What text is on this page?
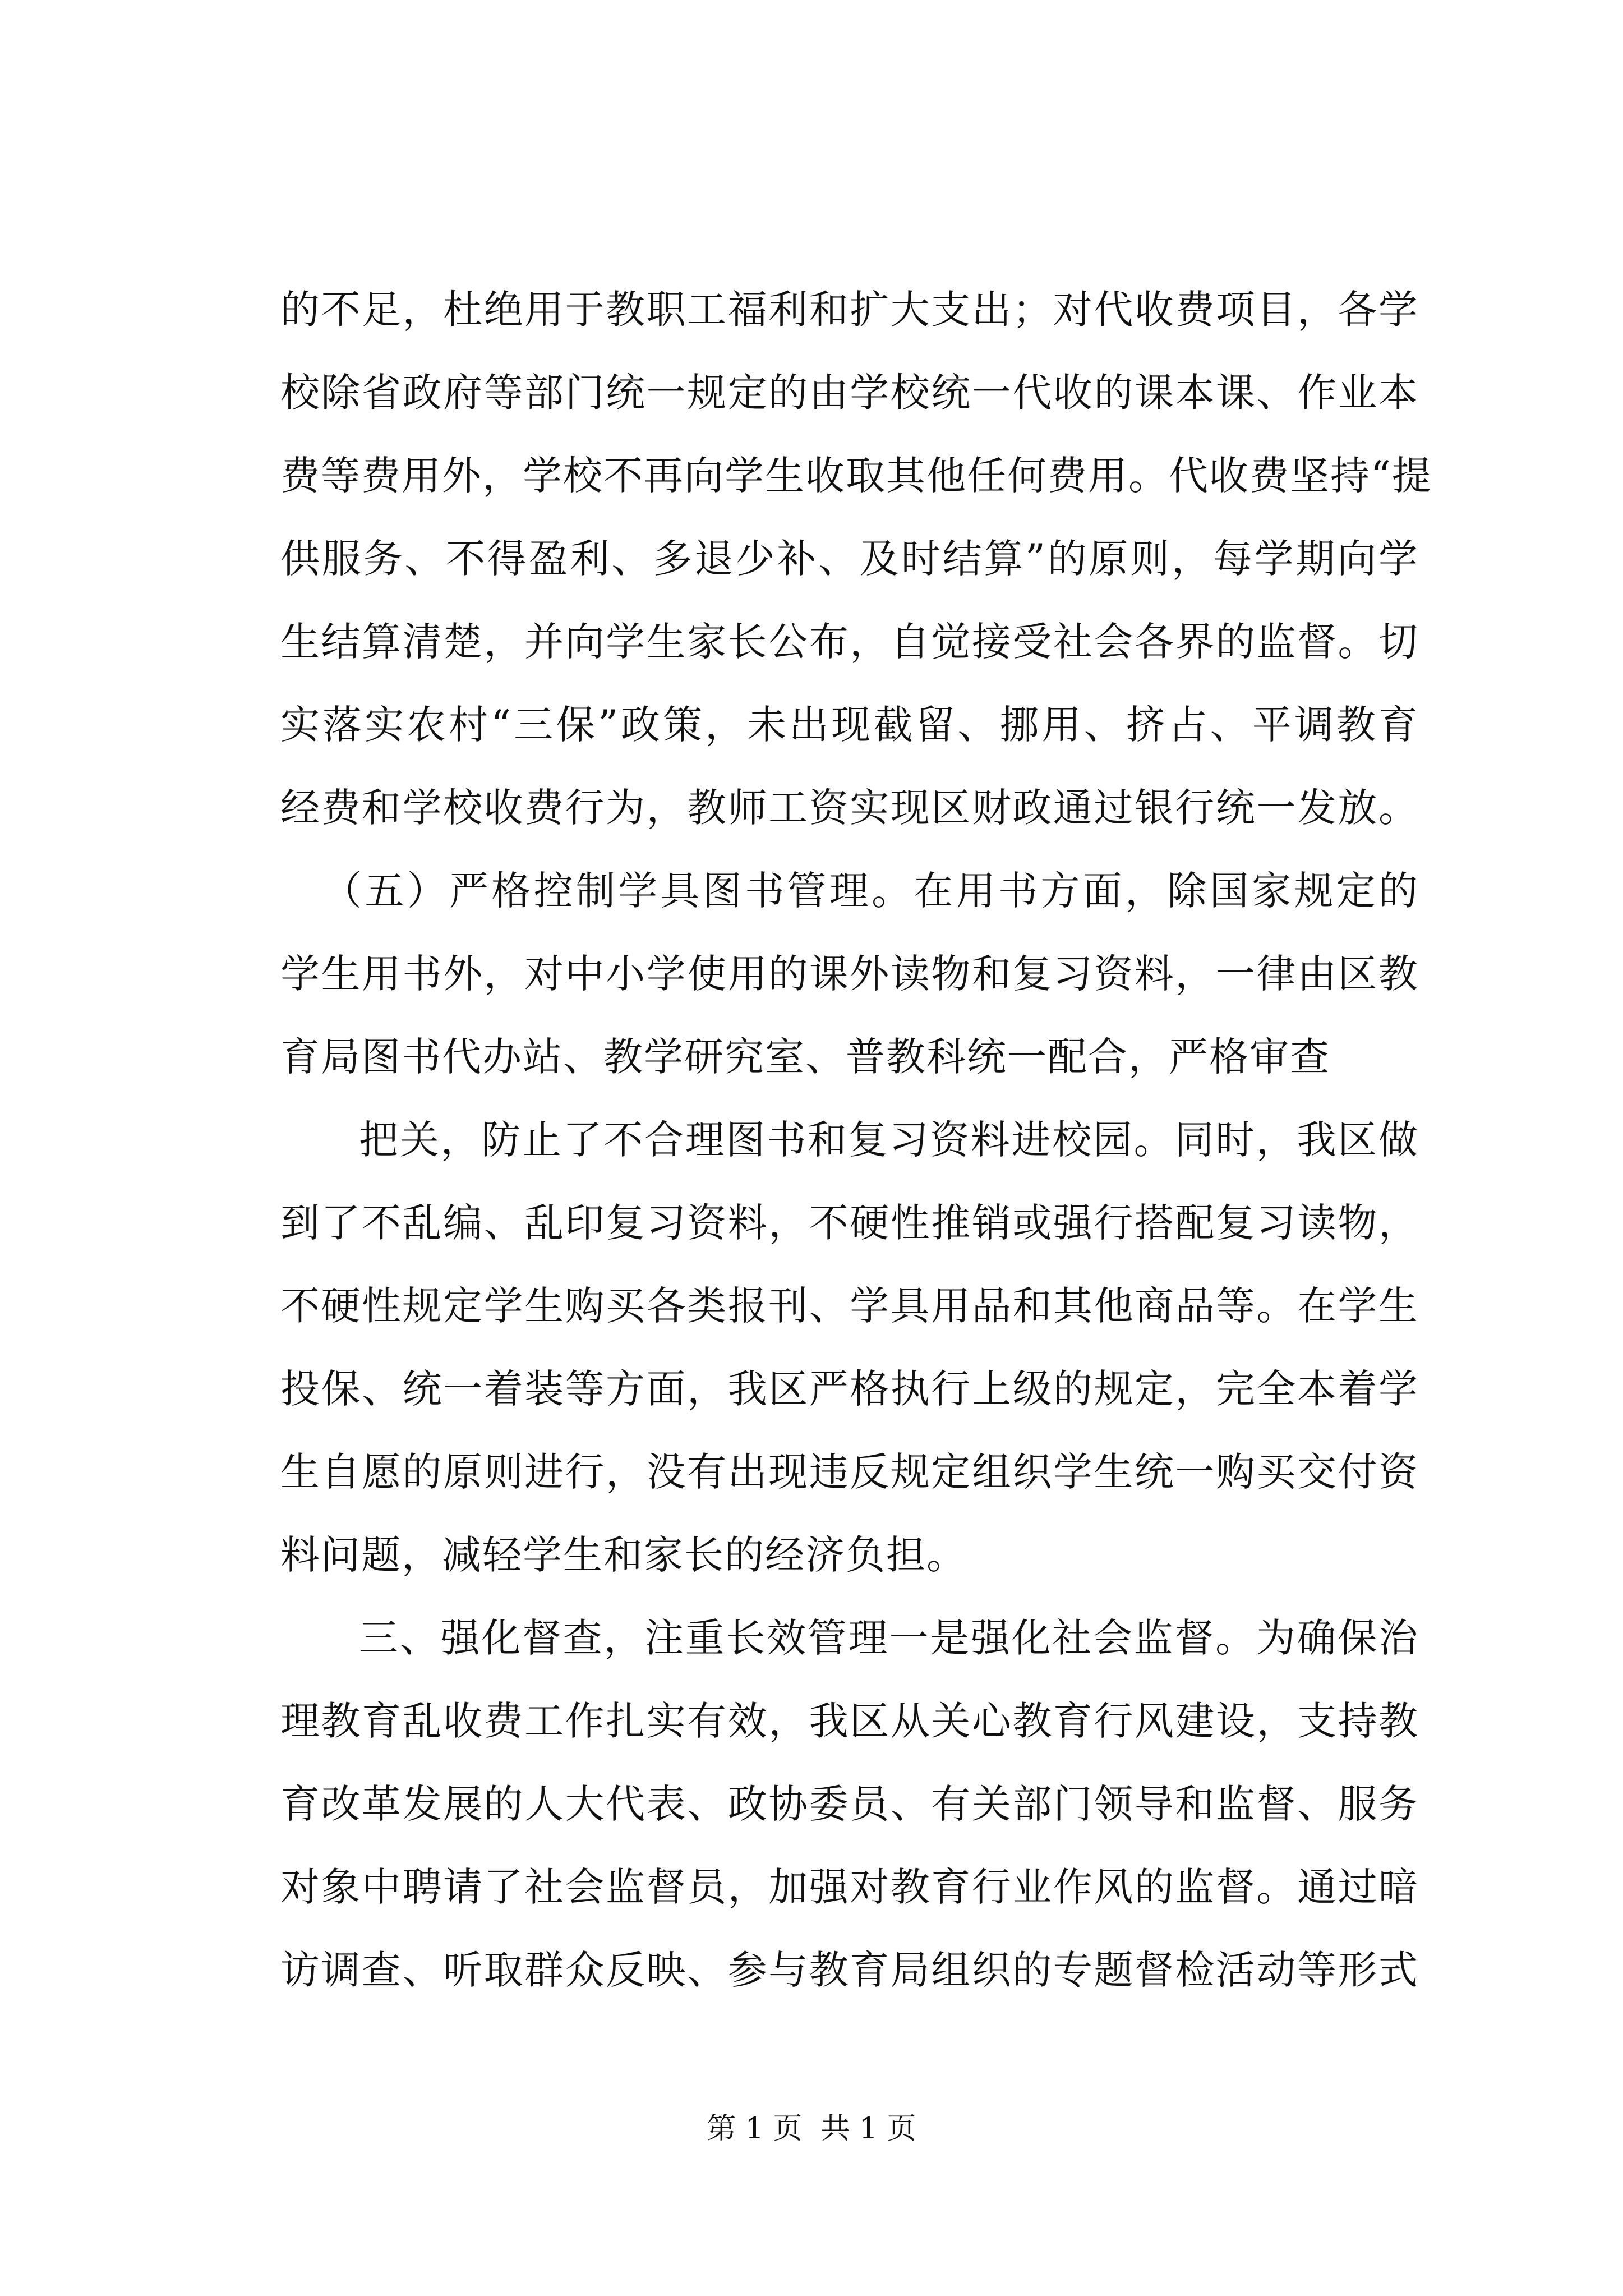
的不足，杜绝用于教职工福利和扩大支出；对代收费项目，各学
校除省政府等部门统一规定的由学校统一代收的课本课、作业本
费等费用外，学校不再向学生收取其他任何费用。代收费坚持“提
供服务、不得盈利、多退少补、及时结算”的原则，每学期向学
生结算清楚，并向学生家长公布，自觉接受社会各界的监督。切
实落实农村“三保”政策，未出现截留、挪用、挤占、平调教育
经费和学校收费行为，教师工资实现区财政通过银行统一发放。
（五）严格控制学具图书管理。在用书方面，除国家规定的
学生用书外，对中小学使用的课外读物和复习资料，一律由区教
育局图书代办站、教学研究室、普教科统一配合，严格审查
把关，防止了不合理图书和复习资料进校园。同时，我区做
到了不乱编、乱印复习资料，不硬性推销或强行搭配复习读物，
不硬性规定学生购买各类报刊、学具用品和其他商品等。在学生
投保、统一着装等方面，我区严格执行上级的规定，完全本着学
生自愿的原则进行，没有出现违反规定组织学生统一购买交付资
料问题，减轻学生和家长的经济负担。
三、强化督查，注重长效管理一是强化社会监督。为确保治
理教育乱收费工作扎实有效，我区从关心教育行风建设，支持教
育改革发展的人大代表、政协委员、有关部门领导和监督、服务
对象中聘请了社会监督员，加强对教育行业作风的监督。通过暗
访调查、听取群众反映、参与教育局组织的专题督检活动等形式
第 1 页  共 1 页
